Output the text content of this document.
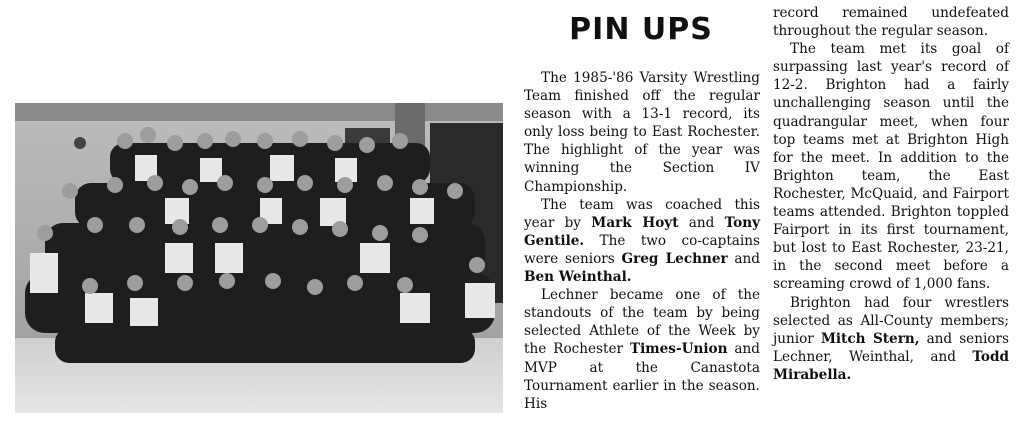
PIN UPS

The 1985-'86 Varsity Wrestling Team finished off the regular season with a 13-1 record, its only loss being to East Rochester. The highlight of the year was winning the Section IV Championship.

The team was coached this year by Mark Hoyt and Tony Gentile. The two co-captains were seniors Greg Lechner and Ben Weinthal.

Lechner became one of the standouts of the team by being selected Athlete of the Week by the Rochester Times-Union and MVP at the Canastota Tournament earlier in the season. His

record remained undefeated throughout the regular season.

The team met its goal of surpassing last year's record of 12-2. Brighton had a fairly unchallenging season until the quadrangular meet, when four top teams met at Brighton High for the meet. In addition to the Brighton team, the East Rochester, McQuaid, and Fairport teams attended. Brighton toppled Fairport in its first tournament, but lost to East Rochester, 23-21, in the second meet before a screaming crowd of 1,000 fans.

Brighton had four wrestlers selected as All-County members; junior Mitch Stern, and seniors Lechner, Weinthal, and Todd Mirabella.
